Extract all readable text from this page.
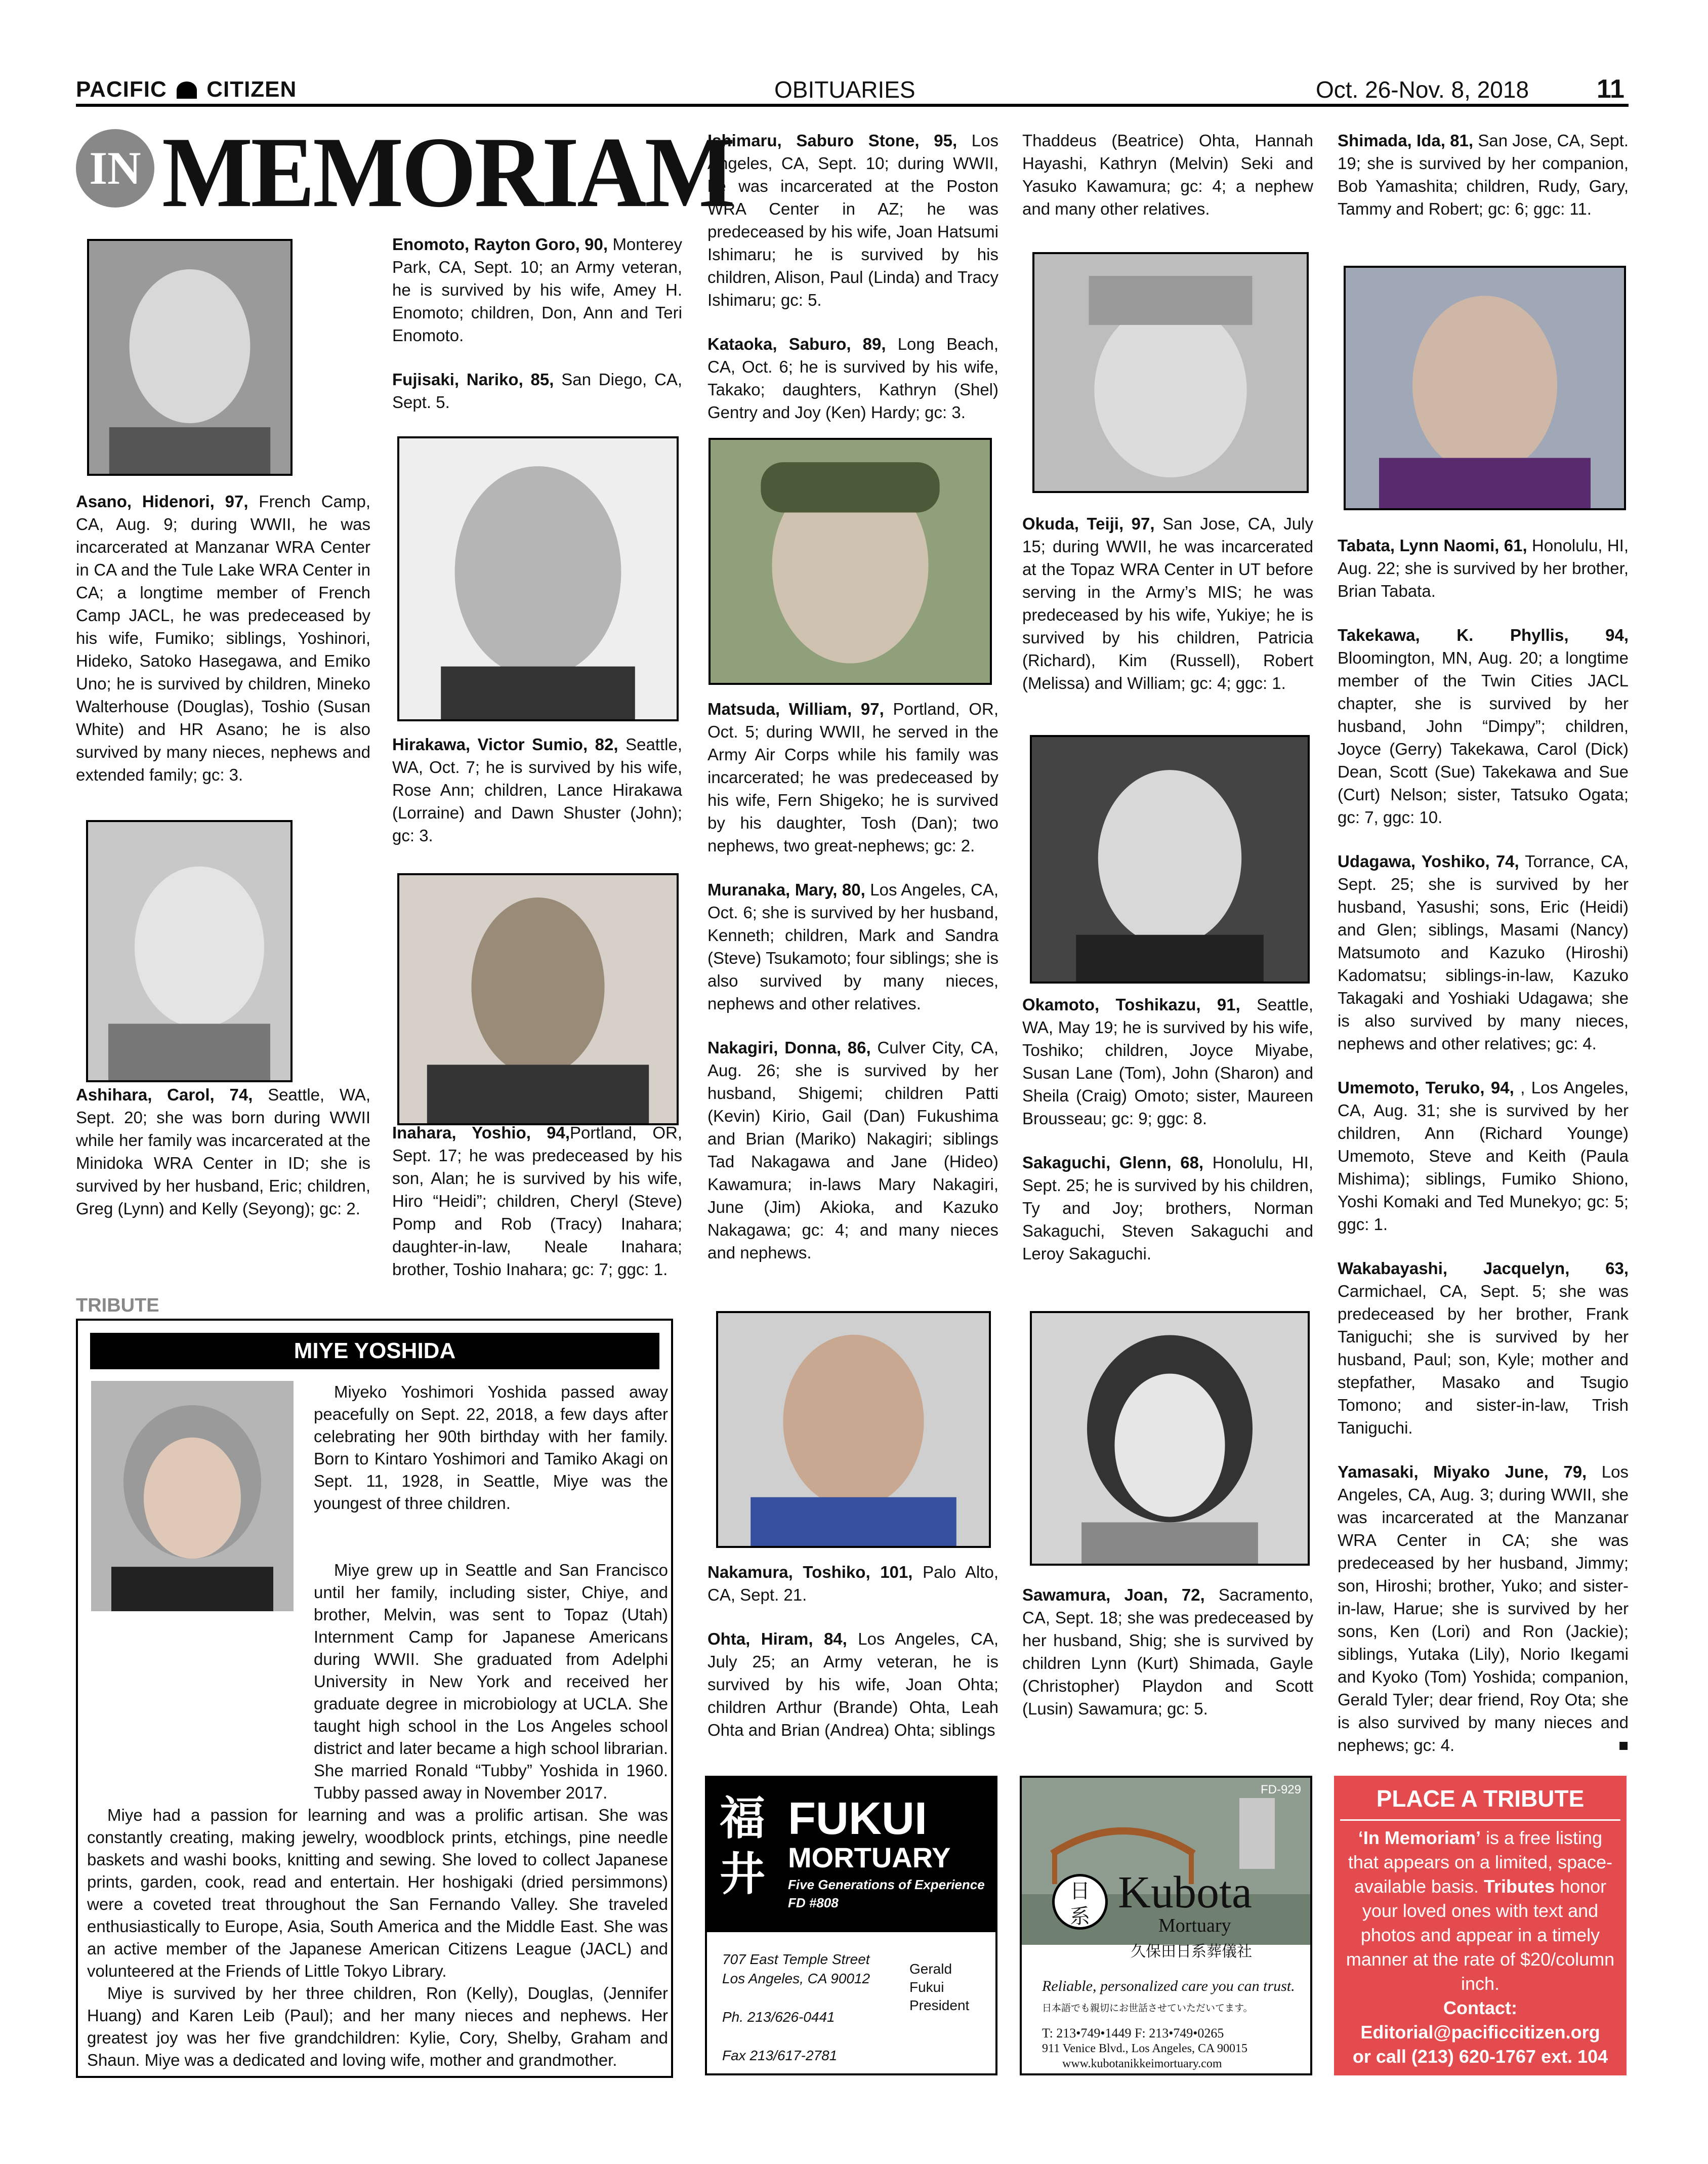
PACIFIC CITIZEN	OBITUARIES	Oct. 26-Nov. 8, 2018	11
IN MEMORIAM

Asano, Hidenori, 97, French Camp, CA, Aug. 9; during WWII, he was incarcerated at Manzanar WRA Center in CA and the Tule Lake WRA Center in CA; a longtime member of French Camp JACL, he was predeceased by his wife, Fumiko; siblings, Yoshinori, Hideko, Satoko Hasegawa, and Emiko Uno; he is survived by children, Mineko Walterhouse (Douglas), Toshio (Susan White) and HR Asano; he is also survived by many nieces, nephews and extended family; gc: 3.

Ashihara, Carol, 74, Seattle, WA, Sept. 20; she was born during WWII while her family was incarcerated at the Minidoka WRA Center in ID; she is survived by her husband, Eric; children, Greg (Lynn) and Kelly (Seyong); gc: 2.

Enomoto, Rayton Goro, 90, Monterey Park, CA, Sept. 10; an Army veteran, he is survived by his wife, Amey H. Enomoto; children, Don, Ann and Teri Enomoto.

Fujisaki, Nariko, 85, San Diego, CA, Sept. 5.

Hirakawa, Victor Sumio, 82, Seattle, WA, Oct. 7; he is survived by his wife, Rose Ann; children, Lance Hirakawa (Lorraine) and Dawn Shuster (John); gc: 3.

Inahara, Yoshio, 94,Portland, OR, Sept. 17; he was predeceased by his son, Alan; he is survived by his wife, Hiro “Heidi”; children, Cheryl (Steve) Pomp and Rob (Tracy) Inahara; daughter-in-law, Neale Inahara; brother, Toshio Inahara; gc: 7; ggc: 1.

Ishimaru, Saburo Stone, 95, Los Angeles, CA, Sept. 10; during WWII, he was incarcerated at the Poston WRA Center in AZ; he was predeceased by his wife, Joan Hatsumi Ishimaru; he is survived by his children, Alison, Paul (Linda) and Tracy Ishimaru; gc: 5.

Kataoka, Saburo, 89, Long Beach, CA, Oct. 6; he is survived by his wife, Takako; daughters, Kathryn (Shel) Gentry and Joy (Ken) Hardy; gc: 3.

Matsuda, William, 97, Portland, OR, Oct. 5; during WWII, he served in the Army Air Corps while his family was incarcerated; he was predeceased by his wife, Fern Shigeko; he is survived by his daughter, Tosh (Dan); two nephews, two great-nephews; gc: 2.

Muranaka, Mary, 80, Los Angeles, CA, Oct. 6; she is survived by her husband, Kenneth; children, Mark and Sandra (Steve) Tsukamoto; four siblings; she is also survived by many nieces, nephews and other relatives.

Nakagiri, Donna, 86, Culver City, CA, Aug. 26; she is survived by her husband, Shigemi; children Patti (Kevin) Kirio, Gail (Dan) Fukushima and Brian (Mariko) Nakagiri; siblings Tad Nakagawa and Jane (Hideo) Kawamura; in-laws Mary Nakagiri, June (Jim) Akioka, and Kazuko Nakagawa; gc: 4; and many nieces and nephews.

Nakamura, Toshiko, 101, Palo Alto, CA, Sept. 21.

Ohta, Hiram, 84, Los Angeles, CA, July 25; an Army veteran, he is survived by his wife, Joan Ohta; children Arthur (Brande) Ohta, Leah Ohta and Brian (Andrea) Ohta; siblings

Thaddeus (Beatrice) Ohta, Hannah Hayashi, Kathryn (Melvin) Seki and Yasuko Kawamura; gc: 4; a nephew and many other relatives.

Okuda, Teiji, 97, San Jose, CA, July 15; during WWII, he was incarcerated at the Topaz WRA Center in UT before serving in the Army’s MIS; he was predeceased by his wife, Yukiye; he is survived by his children, Patricia (Richard), Kim (Russell), Robert (Melissa) and William; gc: 4; ggc: 1.

Okamoto, Toshikazu, 91, Seattle, WA, May 19; he is survived by his wife, Toshiko; children, Joyce Miyabe, Susan Lane (Tom), John (Sharon) and Sheila (Craig) Omoto; sister, Maureen Brousseau; gc: 9; ggc: 8.

Sakaguchi, Glenn, 68, Honolulu, HI, Sept. 25; he is survived by his children, Ty and Joy; brothers, Norman Sakaguchi, Steven Sakaguchi and Leroy Sakaguchi.

Sawamura, Joan, 72, Sacramento, CA, Sept. 18; she was predeceased by her husband, Shig; she is survived by children Lynn (Kurt) Shimada, Gayle (Christopher) Playdon and Scott (Lusin) Sawamura; gc: 5.

Shimada, Ida, 81, San Jose, CA, Sept. 19; she is survived by her companion, Bob Yamashita; children, Rudy, Gary, Tammy and Robert; gc: 6; ggc: 11.

Tabata, Lynn Naomi, 61, Honolulu, HI, Aug. 22; she is survived by her brother, Brian Tabata.

Takekawa, K. Phyllis, 94, Bloomington, MN, Aug. 20; a longtime member of the Twin Cities JACL chapter, she is survived by her husband, John “Dimpy”; children, Joyce (Gerry) Takekawa, Carol (Dick) Dean, Scott (Sue) Takekawa and Sue (Curt) Nelson; sister, Tatsuko Ogata; gc: 7, ggc: 10.

Udagawa, Yoshiko, 74, Torrance, CA, Sept. 25; she is survived by her husband, Yasushi; sons, Eric (Heidi) and Glen; siblings, Masami (Nancy) Matsumoto and Kazuko (Hiroshi) Kadomatsu; siblings-in-law, Kazuko Takagaki and Yoshiaki Udagawa; she is also survived by many nieces, nephews and other relatives; gc: 4.

Umemoto, Teruko, 94, , Los Angeles, CA, Aug. 31; she is survived by her children, Ann (Richard Younge) Umemoto, Steve and Keith (Paula Mishima); siblings, Fumiko Shiono, Yoshi Komaki and Ted Munekyo; gc: 5; ggc: 1.

Wakabayashi, Jacquelyn, 63, Carmichael, CA, Sept. 5; she was predeceased by her brother, Frank Taniguchi; she is survived by her husband, Paul; son, Kyle; mother and stepfather, Masako and Tsugio Tomono; and sister-in-law, Trish Taniguchi.

Yamasaki, Miyako June, 79, Los Angeles, CA, Aug. 3; during WWII, she was incarcerated at the Manzanar WRA Center in CA; she was predeceased by her husband, Jimmy; son, Hiroshi; brother, Yuko; and sister-in-law, Harue; she is survived by her sons, Ken (Lori) and Ron (Jackie); siblings, Yutaka (Lily), Norio Ikegami and Kyoko (Tom) Yoshida; companion, Gerald Tyler; dear friend, Roy Ota; she is also survived by many nieces and nephews; gc: 4.	■

TRIBUTE
MIYE YOSHIDA
Miyeko Yoshimori Yoshida passed away peacefully on Sept. 22, 2018, a few days after celebrating her 90th birthday with her family. Born to Kintaro Yoshimori and Tamiko Akagi on Sept. 11, 1928, in Seattle, Miye was the youngest of three children.
Miye grew up in Seattle and San Francisco until her family, including sister, Chiye, and brother, Melvin, was sent to Topaz (Utah) Internment Camp for Japanese Americans during WWII. She graduated from Adelphi University in New York and received her graduate degree in microbiology at UCLA. She taught high school in the Los Angeles school district and later became a high school librarian. She married Ronald “Tubby” Yoshida in 1960. Tubby passed away in November 2017.
Miye had a passion for learning and was a prolific artisan. She was constantly creating, making jewelry, woodblock prints, etchings, pine needle baskets and washi books, knitting and sewing. She loved to collect Japanese prints, garden, cook, read and entertain. Her hoshigaki (dried persimmons) were a coveted treat throughout the San Fernando Valley. She traveled enthusiastically to Europe, Asia, South America and the Middle East. She was an active member of the Japanese American Citizens League (JACL) and volunteered at the Friends of Little Tokyo Library.
Miye is survived by her three children, Ron (Kelly), Douglas, (Jennifer Huang) and Karen Leib (Paul); and her many nieces and nephews. Her greatest joy was her five grandchildren: Kylie, Cory, Shelby, Graham and Shaun. Miye was a dedicated and loving wife, mother and grandmother.
福井
FUKUI
MORTUARY
Five Generations of Experience
FD #808
707 East Temple Street
Los Angeles, CA 90012
Ph. 213/626-0441
Fax 213/617-2781
Gerald
Fukui
President
FD-929
日系 Kubota
Mortuary
久保田日系葬儀社
Reliable, personalized care you can trust.
日本語でも親切にお世話させていただいてます。
T: 213•749•1449 F: 213•749•0265
911 Venice Blvd., Los Angeles, CA 90015
www.kubotanikkeimortuary.com
PLACE A TRIBUTE
‘In Memoriam’ is a free listing that appears on a limited, space-available basis. Tributes honor your loved ones with text and photos and appear in a timely manner at the rate of $20/column inch.
Contact:
Editorial@pacificcitizen.org
or call (213) 620-1767 ext. 104
